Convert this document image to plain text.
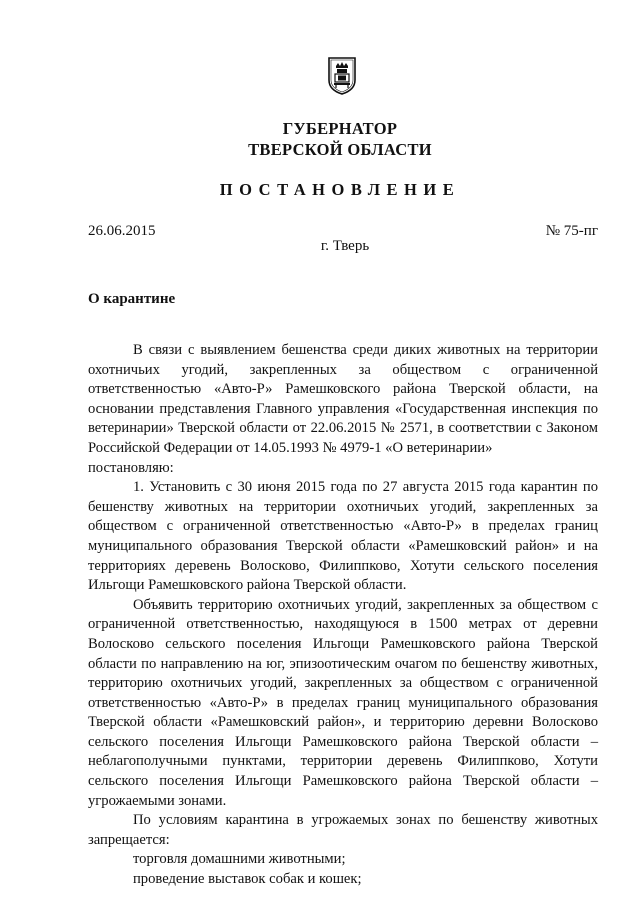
ГУБЕРНАТОР
ТВЕРСКОЙ ОБЛАСТИ
ПОСТАНОВЛЕНИЕ
26.06.2015	№ 75-пг
г. Тверь
О карантине

В связи с выявлением бешенства среди диких животных на территории охотничьих угодий, закрепленных за обществом с ограниченной ответственностью «Авто-Р» Рамешковского района Тверской области, на основании представления Главного управления «Государственная инспекция по ветеринарии» Тверской области от 22.06.2015 № 2571, в соответствии с Законом Российской Федерации от 14.05.1993 № 4979-1 «О ветеринарии»

постановляю:

1. Установить с 30 июня 2015 года по 27 августа 2015 года карантин по бешенству животных на территории охотничьих угодий, закрепленных за обществом с ограниченной ответственностью «Авто-Р» в пределах границ муниципального образования Тверской области «Рамешковский район» и на территориях деревень Волосково, Филиппково, Хотути сельского поселения Ильгощи Рамешковского района Тверской области.

Объявить территорию охотничьих угодий, закрепленных за обществом с ограниченной ответственностью, находящуюся в 1500 метрах от деревни Волосково сельского поселения Ильгощи Рамешковского района Тверской области по направлению на юг, эпизоотическим очагом по бешенству животных, территорию охотничьих угодий, закрепленных за обществом с ограниченной ответственностью «Авто-Р» в пределах границ муниципального образования Тверской области «Рамешковский район», и территорию деревни Волосково сельского поселения Ильгощи Рамешковского района Тверской области – неблагополучными пунктами, территории деревень Филиппково, Хотути сельского поселения Ильгощи Рамешковского района Тверской области – угрожаемыми зонами.

По условиям карантина в угрожаемых зонах по бешенству животных запрещается:

торговля домашними животными;

проведение выставок собак и кошек;
